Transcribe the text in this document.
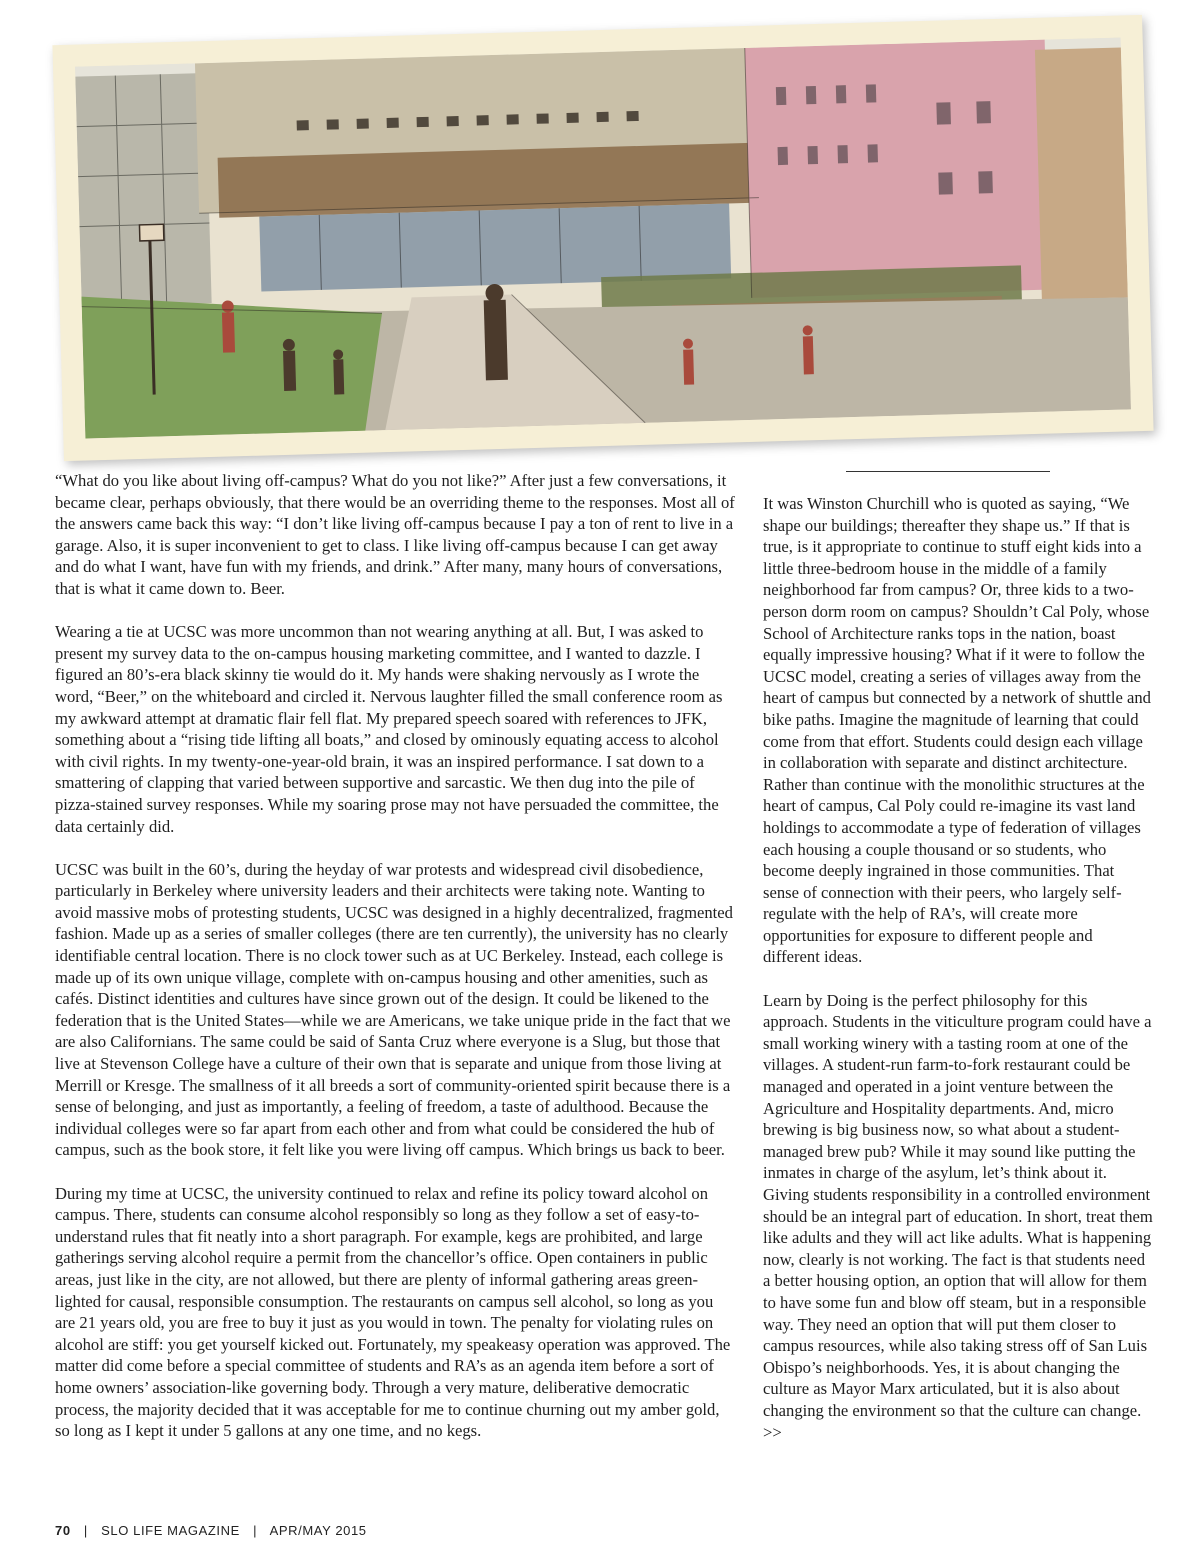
“What do you like about living off-campus? What do you not like?” After just a few conversations, it became clear, perhaps obviously, that there would be an overriding theme to the responses. Most all of the answers came back this way: “I don’t like living off-campus because I pay a ton of rent to live in a garage. Also, it is super inconvenient to get to class. I like living off-campus because I can get away and do what I want, have fun with my friends, and drink.” After many, many hours of conversations, that is what it came down to. Beer.

Wearing a tie at UCSC was more uncommon than not wearing anything at all. But, I was asked to present my survey data to the on-campus housing marketing committee, and I wanted to dazzle. I figured an 80’s-era black skinny tie would do it. My hands were shaking nervously as I wrote the word, “Beer,” on the whiteboard and circled it. Nervous laughter filled the small conference room as my awkward attempt at dramatic flair fell flat. My prepared speech soared with references to JFK, something about a “rising tide lifting all boats,” and closed by ominously equating access to alcohol with civil rights. In my twenty-one-year-old brain, it was an inspired performance. I sat down to a smattering of clapping that varied between supportive and sarcastic. We then dug into the pile of pizza-stained survey responses. While my soaring prose may not have persuaded the committee, the data certainly did.

UCSC was built in the 60’s, during the heyday of war protests and widespread civil disobedience, particularly in Berkeley where university leaders and their architects were taking note. Wanting to avoid massive mobs of protesting students, UCSC was designed in a highly decentralized, fragmented fashion. Made up as a series of smaller colleges (there are ten currently), the university has no clearly identifiable central location. There is no clock tower such as at UC Berkeley. Instead, each college is made up of its own unique village, complete with on-campus housing and other amenities, such as cafés. Distinct identities and cultures have since grown out of the design. It could be likened to the federation that is the United States—while we are Americans, we take unique pride in the fact that we are also Californians. The same could be said of Santa Cruz where everyone is a Slug, but those that live at Stevenson College have a culture of their own that is separate and unique from those living at Merrill or Kresge. The smallness of it all breeds a sort of community-oriented spirit because there is a sense of belonging, and just as importantly, a feeling of freedom, a taste of adulthood. Because the individual colleges were so far apart from each other and from what could be considered the hub of campus, such as the book store, it felt like you were living off campus. Which brings us back to beer.

During my time at UCSC, the university continued to relax and refine its policy toward alcohol on campus. There, students can consume alcohol responsibly so long as they follow a set of easy-to-understand rules that fit neatly into a short paragraph. For example, kegs are prohibited, and large gatherings serving alcohol require a permit from the chancellor’s office. Open containers in public areas, just like in the city, are not allowed, but there are plenty of informal gathering areas green-lighted for causal, responsible consumption. The restaurants on campus sell alcohol, so long as you are 21 years old, you are free to buy it just as you would in town. The penalty for violating rules on alcohol are stiff: you get yourself kicked out. Fortunately, my speakeasy operation was approved. The matter did come before a special committee of students and RA’s as an agenda item before a sort of home owners’ association-like governing body. Through a very mature, deliberative democratic process, the majority decided that it was acceptable for me to continue churning out my amber gold, so long as I kept it under 5 gallons at any one time, and no kegs.

It was Winston Churchill who is quoted as saying, “We shape our buildings; thereafter they shape us.” If that is true, is it appropriate to continue to stuff eight kids into a little three-bedroom house in the middle of a family neighborhood far from campus? Or, three kids to a two-person dorm room on campus? Shouldn’t Cal Poly, whose School of Architecture ranks tops in the nation, boast equally impressive housing? What if it were to follow the UCSC model, creating a series of villages away from the heart of campus but connected by a network of shuttle and bike paths. Imagine the magnitude of learning that could come from that effort. Students could design each village in collaboration with separate and distinct architecture. Rather than continue with the monolithic structures at the heart of campus, Cal Poly could re-imagine its vast land holdings to accommodate a type of federation of villages each housing a couple thousand or so students, who become deeply ingrained in those communities. That sense of connection with their peers, who largely self-regulate with the help of RA’s, will create more opportunities for exposure to different people and different ideas.

Learn by Doing is the perfect philosophy for this approach. Students in the viticulture program could have a small working winery with a tasting room at one of the villages. A student-run farm-to-fork restaurant could be managed and operated in a joint venture between the Agriculture and Hospitality departments. And, micro brewing is big business now, so what about a student-managed brew pub? While it may sound like putting the inmates in charge of the asylum, let’s think about it. Giving students responsibility in a controlled environment should be an integral part of education. In short, treat them like adults and they will act like adults. What is happening now, clearly is not working. The fact is that students need a better housing option, an option that will allow for them to have some fun and blow off steam, but in a responsible way. They need an option that will put them closer to campus resources, while also taking stress off of San Luis Obispo’s neighborhoods. Yes, it is about changing the culture as Mayor Marx articulated, but it is also about changing the environment so that the culture can change. >>

70 | SLO LIFE MAGAZINE | APR/MAY 2015
